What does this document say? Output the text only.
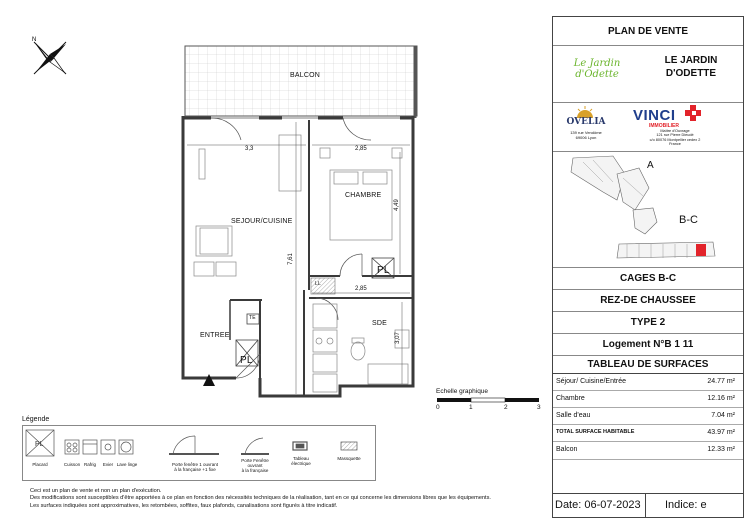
N
BALCON
CHAMBRE
SEJOUR/CUISINE
ENTREE
SDE
PL
PL
TE
LL
3,3	2,85
4,49
7,61
2,85
3,07
Echelle graphique
0	1	2	3
Légende
PL
Placard	Cuisson Rafrig	Evier Lave linge	Porte fenêtre 1 ouvrant
à la française +1 fixe
Porte Fenêtre
ouvrant
à la française
Tableau électrique
Massquette
Ceci est un plan de vente et non un plan d'exécution.
Des modifications sont susceptibles d'être apportées à ce plan en fonction des nécessités techniques de la réalisation, tant en ce qui concerne les dimensions libres que les équipements.
Les surfaces indiquées sont approximatives, les retombées, soffites, faux plafonds, canalisations sont figurés à titre indicatif.
PLAN DE VENTE
Le Jardin d'Odette
LE JARDIN
D'ODETTE
OVELIA
139 rue Vendôme
69006 Lyon
VINCI
IMMOBILIER
Maître d'Ouvrage
121 rue Pierre Dieudé
c/o 80076 Montpellier cedex 2
France
A
B-C
CAGES B-C
REZ-DE CHAUSSEE
TYPE 2
Logement N°B 1 11
TABLEAU DE SURFACES
Séjour/ Cuisine/Entrée	24.77 m²
Chambre	12.16 m²
Salle d'eau	7.04 m²
TOTAL SURFACE HABITABLE	43.97 m²
Balcon	12.33 m²
Date: 06-07-2023 Indice: e
